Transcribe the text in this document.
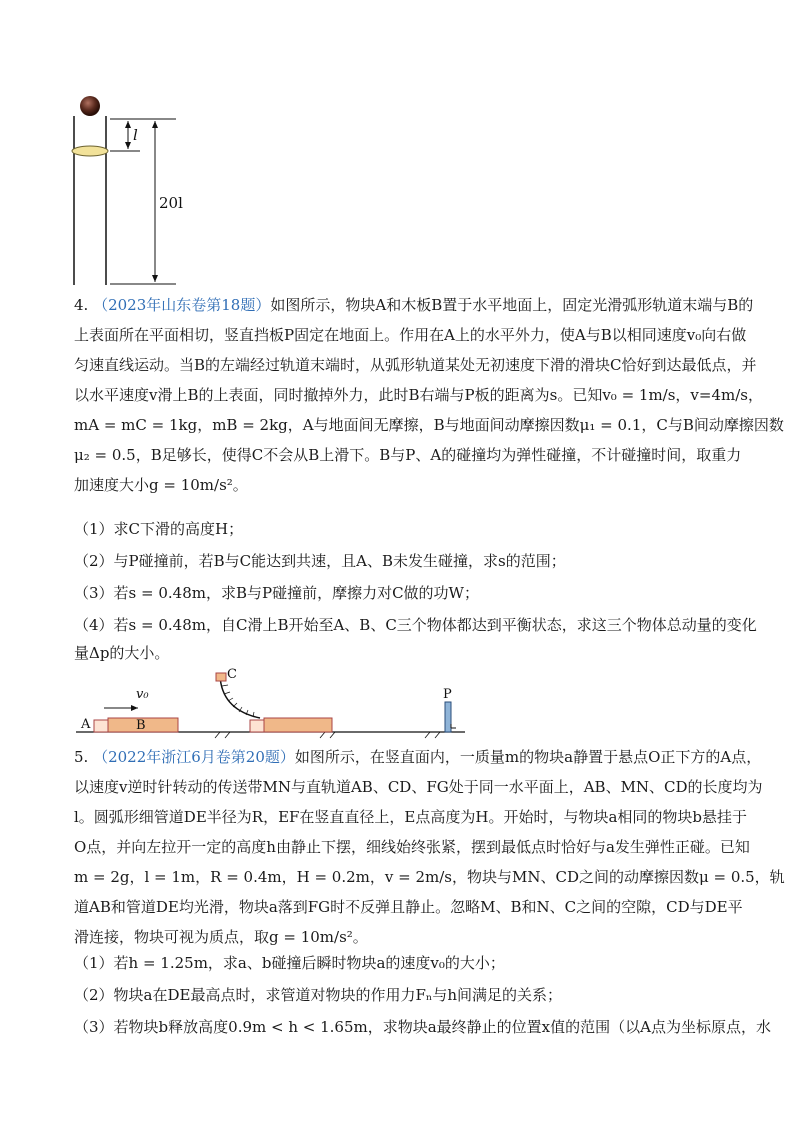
l
20l
4. （2023年山东卷第18题）如图所示，物块A和木板B置于水平地面上，固定光滑弧形轨道末端与B的
上表面所在平面相切，竖直挡板P固定在地面上。作用在A上的水平外力，使A与B以相同速度v₀向右做
匀速直线运动。当B的左端经过轨道末端时，从弧形轨道某处无初速度下滑的滑块C恰好到达最低点，并
以水平速度v滑上B的上表面，同时撤掉外力，此时B右端与P板的距离为s。已知v₀ = 1m/s，v=4m/s，
mA = mC = 1kg，mB = 2kg，A与地面间无摩擦，B与地面间动摩擦因数μ₁ = 0.1，C与B间动摩擦因数
μ₂ = 0.5，B足够长，使得C不会从B上滑下。B与P、A的碰撞均为弹性碰撞，不计碰撞时间，取重力
加速度大小g = 10m/s²。
（1）求C下滑的高度H；
（2）与P碰撞前，若B与C能达到共速，且A、B未发生碰撞，求s的范围；
（3）若s = 0.48m，求B与P碰撞前，摩擦力对C做的功W；
（4）若s = 0.48m，自C滑上B开始至A、B、C三个物体都达到平衡状态，求这三个物体总动量的变化
量Δp的大小。
A	B
v₀
C
P
5. （2022年浙江6月卷第20题）如图所示，在竖直面内，一质量m的物块a静置于悬点O正下方的A点，
以速度v逆时针转动的传送带MN与直轨道AB、CD、FG处于同一水平面上，AB、MN、CD的长度均为
l。圆弧形细管道DE半径为R，EF在竖直直径上，E点高度为H。开始时，与物块a相同的物块b悬挂于
O点，并向左拉开一定的高度h由静止下摆，细线始终张紧，摆到最低点时恰好与a发生弹性正碰。已知
m = 2g，l = 1m，R = 0.4m，H = 0.2m，v = 2m/s，物块与MN、CD之间的动摩擦因数μ = 0.5，轨
道AB和管道DE均光滑，物块a落到FG时不反弹且静止。忽略M、B和N、C之间的空隙，CD与DE平
滑连接，物块可视为质点，取g = 10m/s²。
（1）若h = 1.25m，求a、b碰撞后瞬时物块a的速度v₀的大小；
（2）物块a在DE最高点时，求管道对物块的作用力Fₙ与h间满足的关系；
（3）若物块b释放高度0.9m < h < 1.65m，求物块a最终静止的位置x值的范围（以A点为坐标原点，水
